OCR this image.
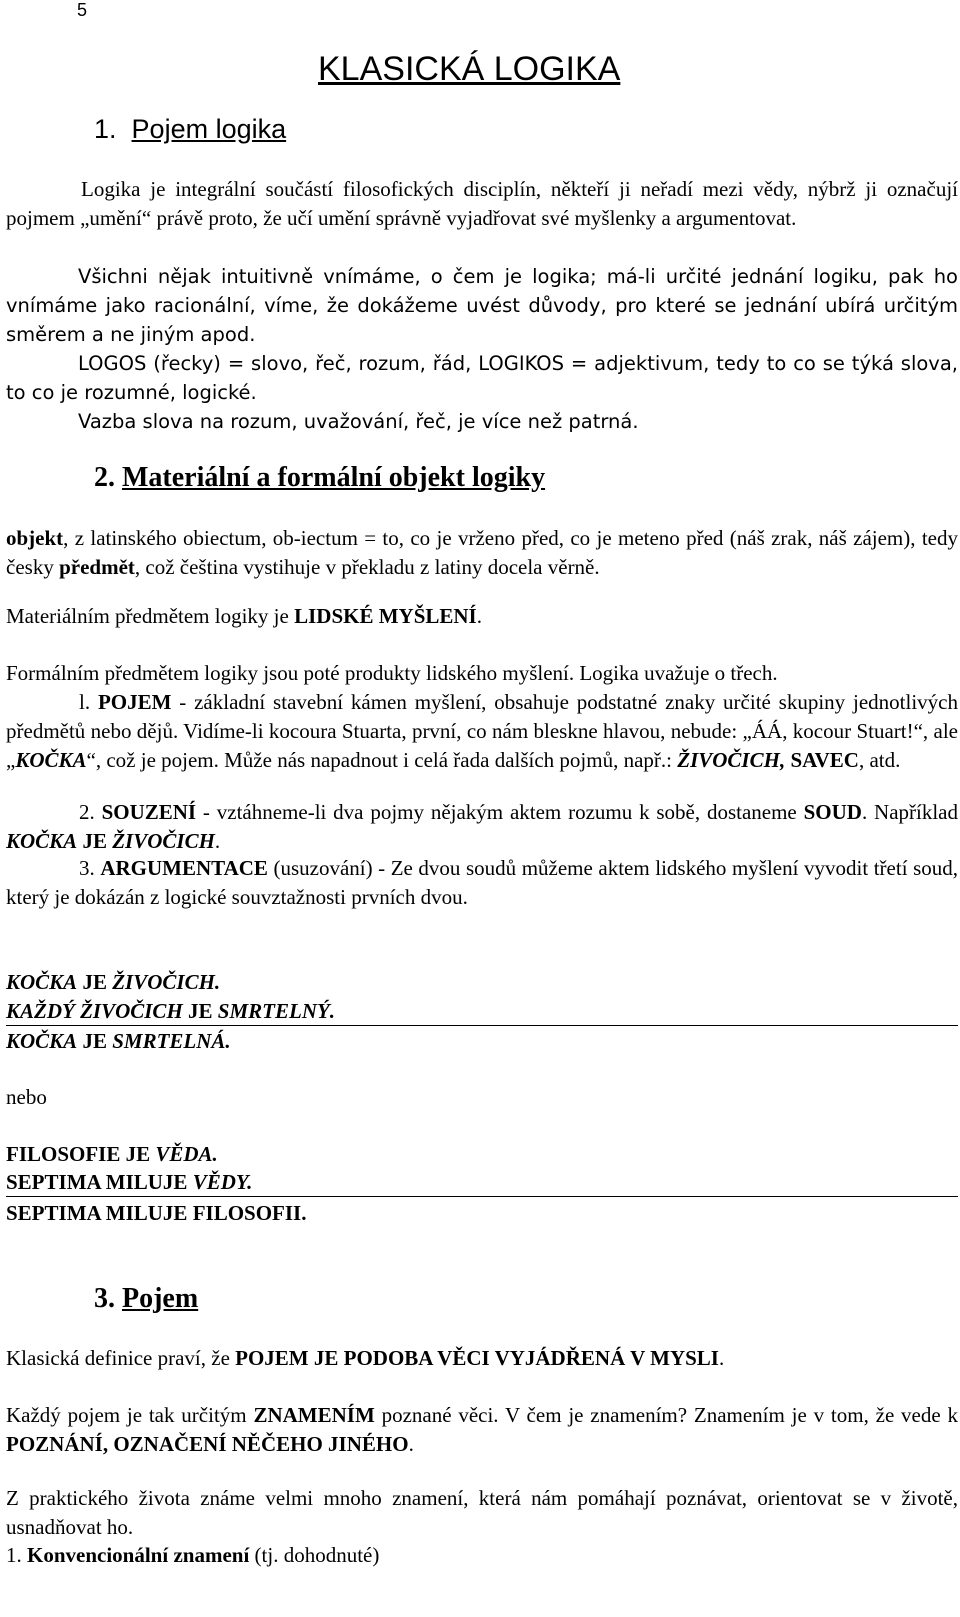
5
KLASICKÁ LOGIKA
1. Pojem logika
Logika je integrální součástí filosofických disciplín, někteří ji neřadí mezi vědy, nýbrž ji označují pojmem „umění“ právě proto, že učí umění správně vyjadřovat své myšlenky a argumentovat.
Všichni nějak intuitivně vnímáme, o čem je logika; má-li určité jednání logiku, pak ho vnímáme jako racionální, víme, že dokážeme uvést důvody, pro které se jednání ubírá určitým směrem a ne jiným apod.
LOGOS (řecky) = slovo, řeč, rozum, řád, LOGIKOS = adjektivum, tedy to co se týká slova, to co je rozumné, logické.
Vazba slova na rozum, uvažování, řeč, je více než patrná.
2. Materiální a formální objekt logiky
objekt, z latinského obiectum, ob-iectum = to, co je vrženo před, co je meteno před (náš zrak, náš zájem), tedy česky předmět, což čeština vystihuje v překladu z latiny docela věrně.
Materiálním předmětem logiky je LIDSKÉ MYŠLENÍ.
Formálním předmětem logiky jsou poté produkty lidského myšlení. Logika uvažuje o třech.
l. POJEM - základní stavební kámen myšlení, obsahuje podstatné znaky určité skupiny jednotlivých předmětů nebo dějů. Vidíme-li kocoura Stuarta, první, co nám bleskne hlavou, nebude: „ÁÁ, kocour Stuart!“, ale „KOČKA“, což je pojem. Může nás napadnout i celá řada dalších pojmů, např.: ŽIVOČICH, SAVEC, atd.
2. SOUZENÍ - vztáhneme-li dva pojmy nějakým aktem rozumu k sobě, dostaneme SOUD. Například KOČKA JE ŽIVOČICH.
3. ARGUMENTACE (usuzování) - Ze dvou soudů můžeme aktem lidského myšlení vyvodit třetí soud, který je dokázán z logické souvztažnosti prvních dvou.
KOČKA JE ŽIVOČICH.
KAŽDÝ ŽIVOČICH JE SMRTELNÝ.
KOČKA JE SMRTELNÁ.
nebo
FILOSOFIE JE VĚDA.
SEPTIMA MILUJE VĚDY.
SEPTIMA MILUJE FILOSOFII.
3. Pojem
Klasická definice praví, že POJEM JE PODOBA VĚCI VYJÁDŘENÁ V MYSLI.
Každý pojem je tak určitým ZNAMENÍM poznané věci. V čem je znamením? Znamením je v tom, že vede k POZNÁNÍ, OZNAČENÍ NĚČEHO JINÉHO.
Z praktického života známe velmi mnoho znamení, která nám pomáhají poznávat, orientovat se v životě, usnadňovat ho.
1. Konvencionální znamení (tj. dohodnuté)
